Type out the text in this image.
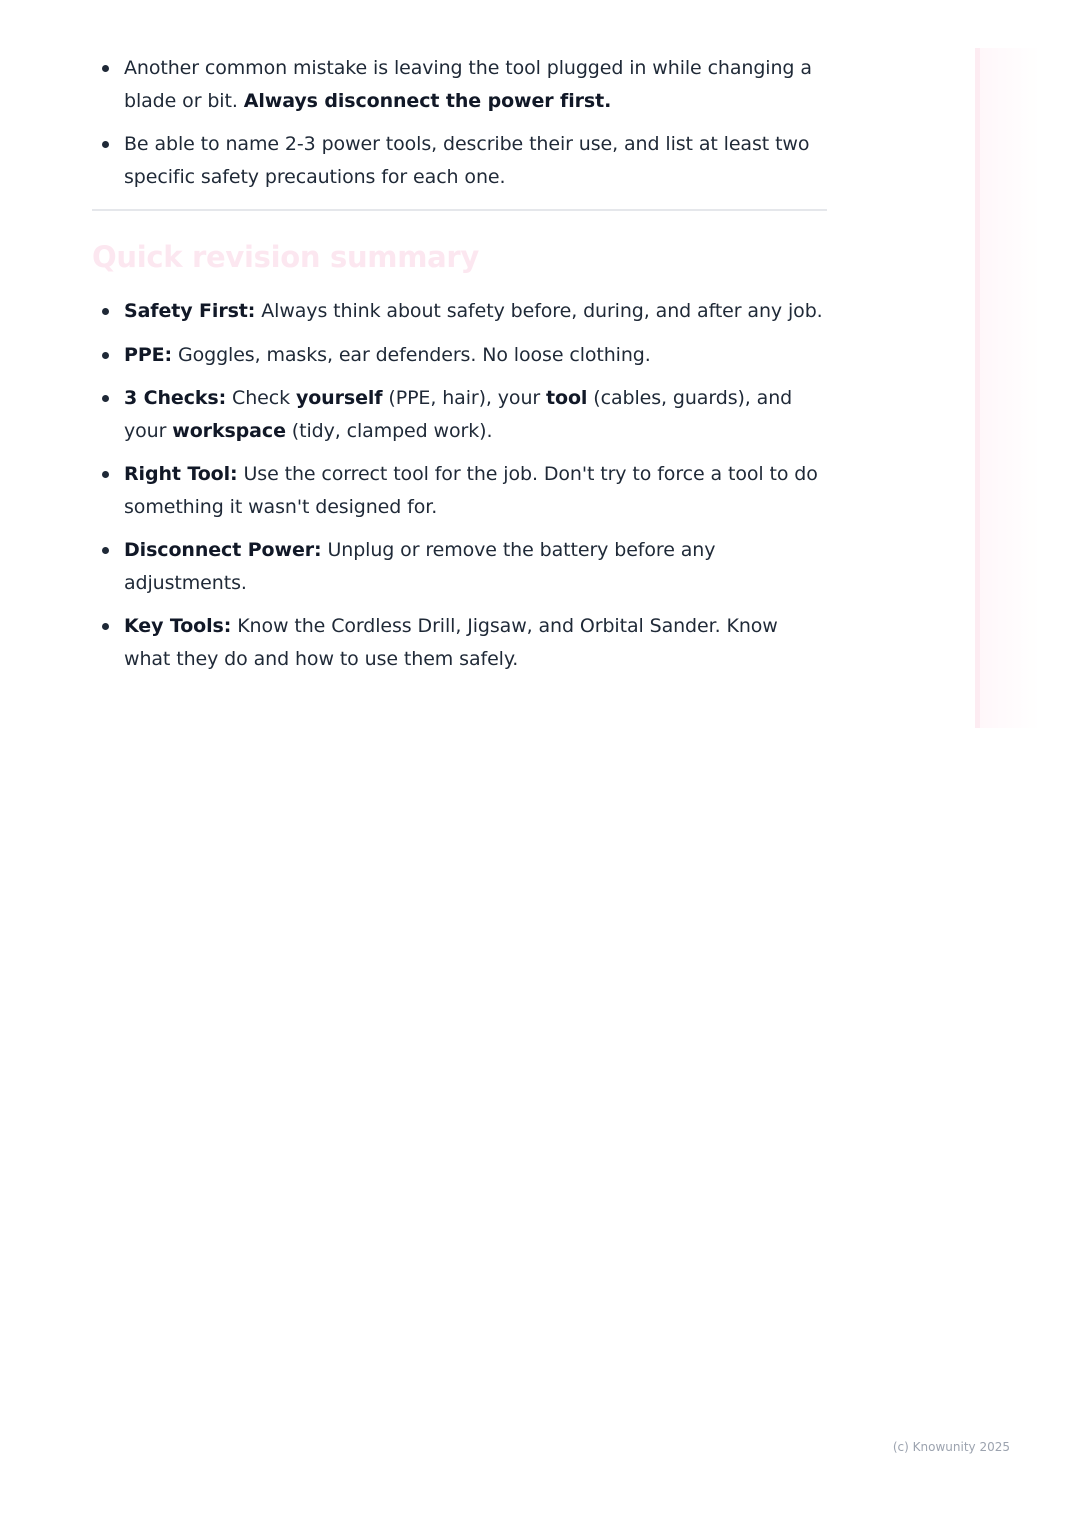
Another common mistake is leaving the tool plugged in while changing a blade or bit. Always disconnect the power first.
Be able to name 2-3 power tools, describe their use, and list at least two specific safety precautions for each one.
Quick revision summary
Safety First: Always think about safety before, during, and after any job.
PPE: Goggles, masks, ear defenders. No loose clothing.
3 Checks: Check yourself (PPE, hair), your tool (cables, guards), and your workspace (tidy, clamped work).
Right Tool: Use the correct tool for the job. Don't try to force a tool to do something it wasn't designed for.
Disconnect Power: Unplug or remove the battery before any adjustments.
Key Tools: Know the Cordless Drill, Jigsaw, and Orbital Sander. Know what they do and how to use them safely.
(c) Knowunity 2025
